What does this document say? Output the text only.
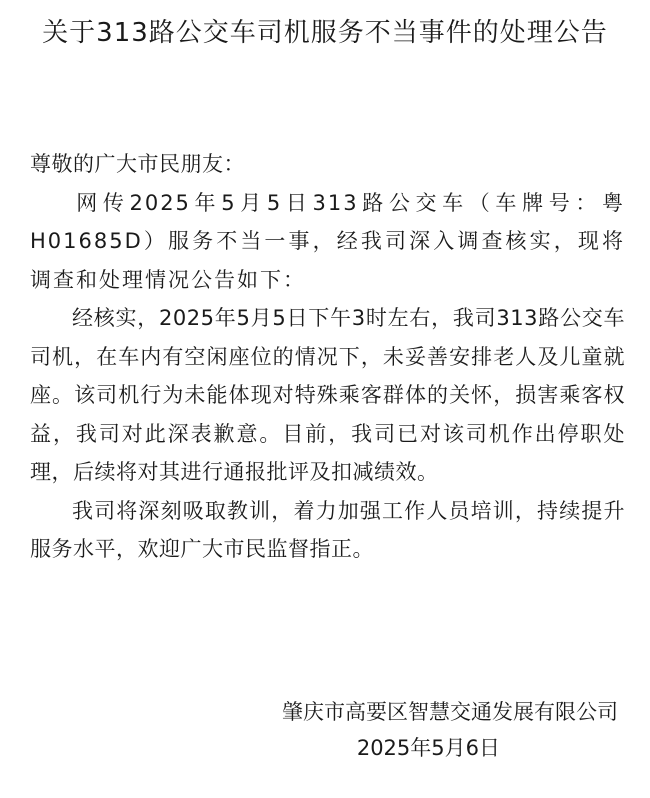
关于313路公交车司机服务不当事件的处理公告

尊敬的广大市民朋友：

网传2025年5月5日313路公交车（车牌号：粤H01685D）服务不当一事，经我司深入调查核实，现将调查和处理情况公告如下：

经核实，2025年5月5日下午3时左右，我司313路公交车司机，在车内有空闲座位的情况下，未妥善安排老人及儿童就座。该司机行为未能体现对特殊乘客群体的关怀，损害乘客权益，我司对此深表歉意。目前，我司已对该司机作出停职处理，后续将对其进行通报批评及扣减绩效。

我司将深刻吸取教训，着力加强工作人员培训，持续提升服务水平，欢迎广大市民监督指正。

肇庆市高要区智慧交通发展有限公司
2025年5月6日
